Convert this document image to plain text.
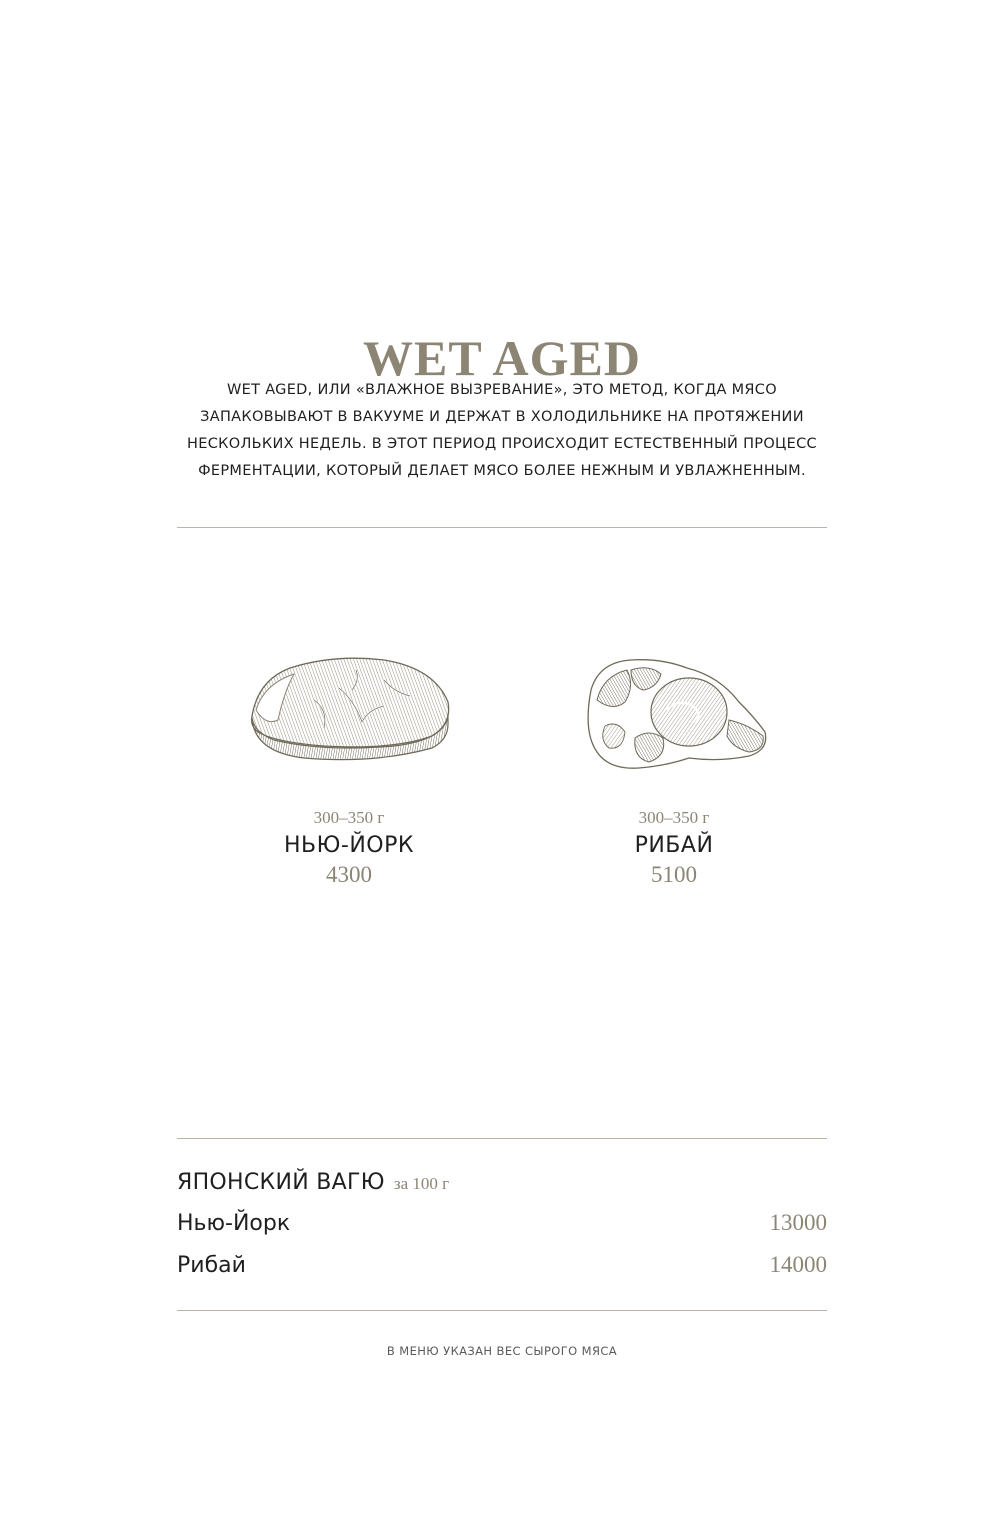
WET AGED

WET AGED, ИЛИ «ВЛАЖНОЕ ВЫЗРЕВАНИЕ», ЭТО МЕТОД, КОГДА МЯСО
ЗАПАКОВЫВАЮТ В ВАКУУМЕ И ДЕРЖАТ В ХОЛОДИЛЬНИКЕ НА ПРОТЯЖЕНИИ
НЕСКОЛЬКИХ НЕДЕЛЬ. В ЭТОТ ПЕРИОД ПРОИСХОДИТ ЕСТЕСТВЕННЫЙ ПРОЦЕСС
ФЕРМЕНТАЦИИ, КОТОРЫЙ ДЕЛАЕТ МЯСО БОЛЕЕ НЕЖНЫМ И УВЛАЖНЕННЫМ.

300–350 г
НЬЮ-ЙОРК
4300
300–350 г
РИБАЙ
5100
ЯПОНСКИЙ ВАГЮ за 100 г
Нью-Йорк	13000
Рибай	14000
В МЕНЮ УКАЗАН ВЕС СЫРОГО МЯСА
